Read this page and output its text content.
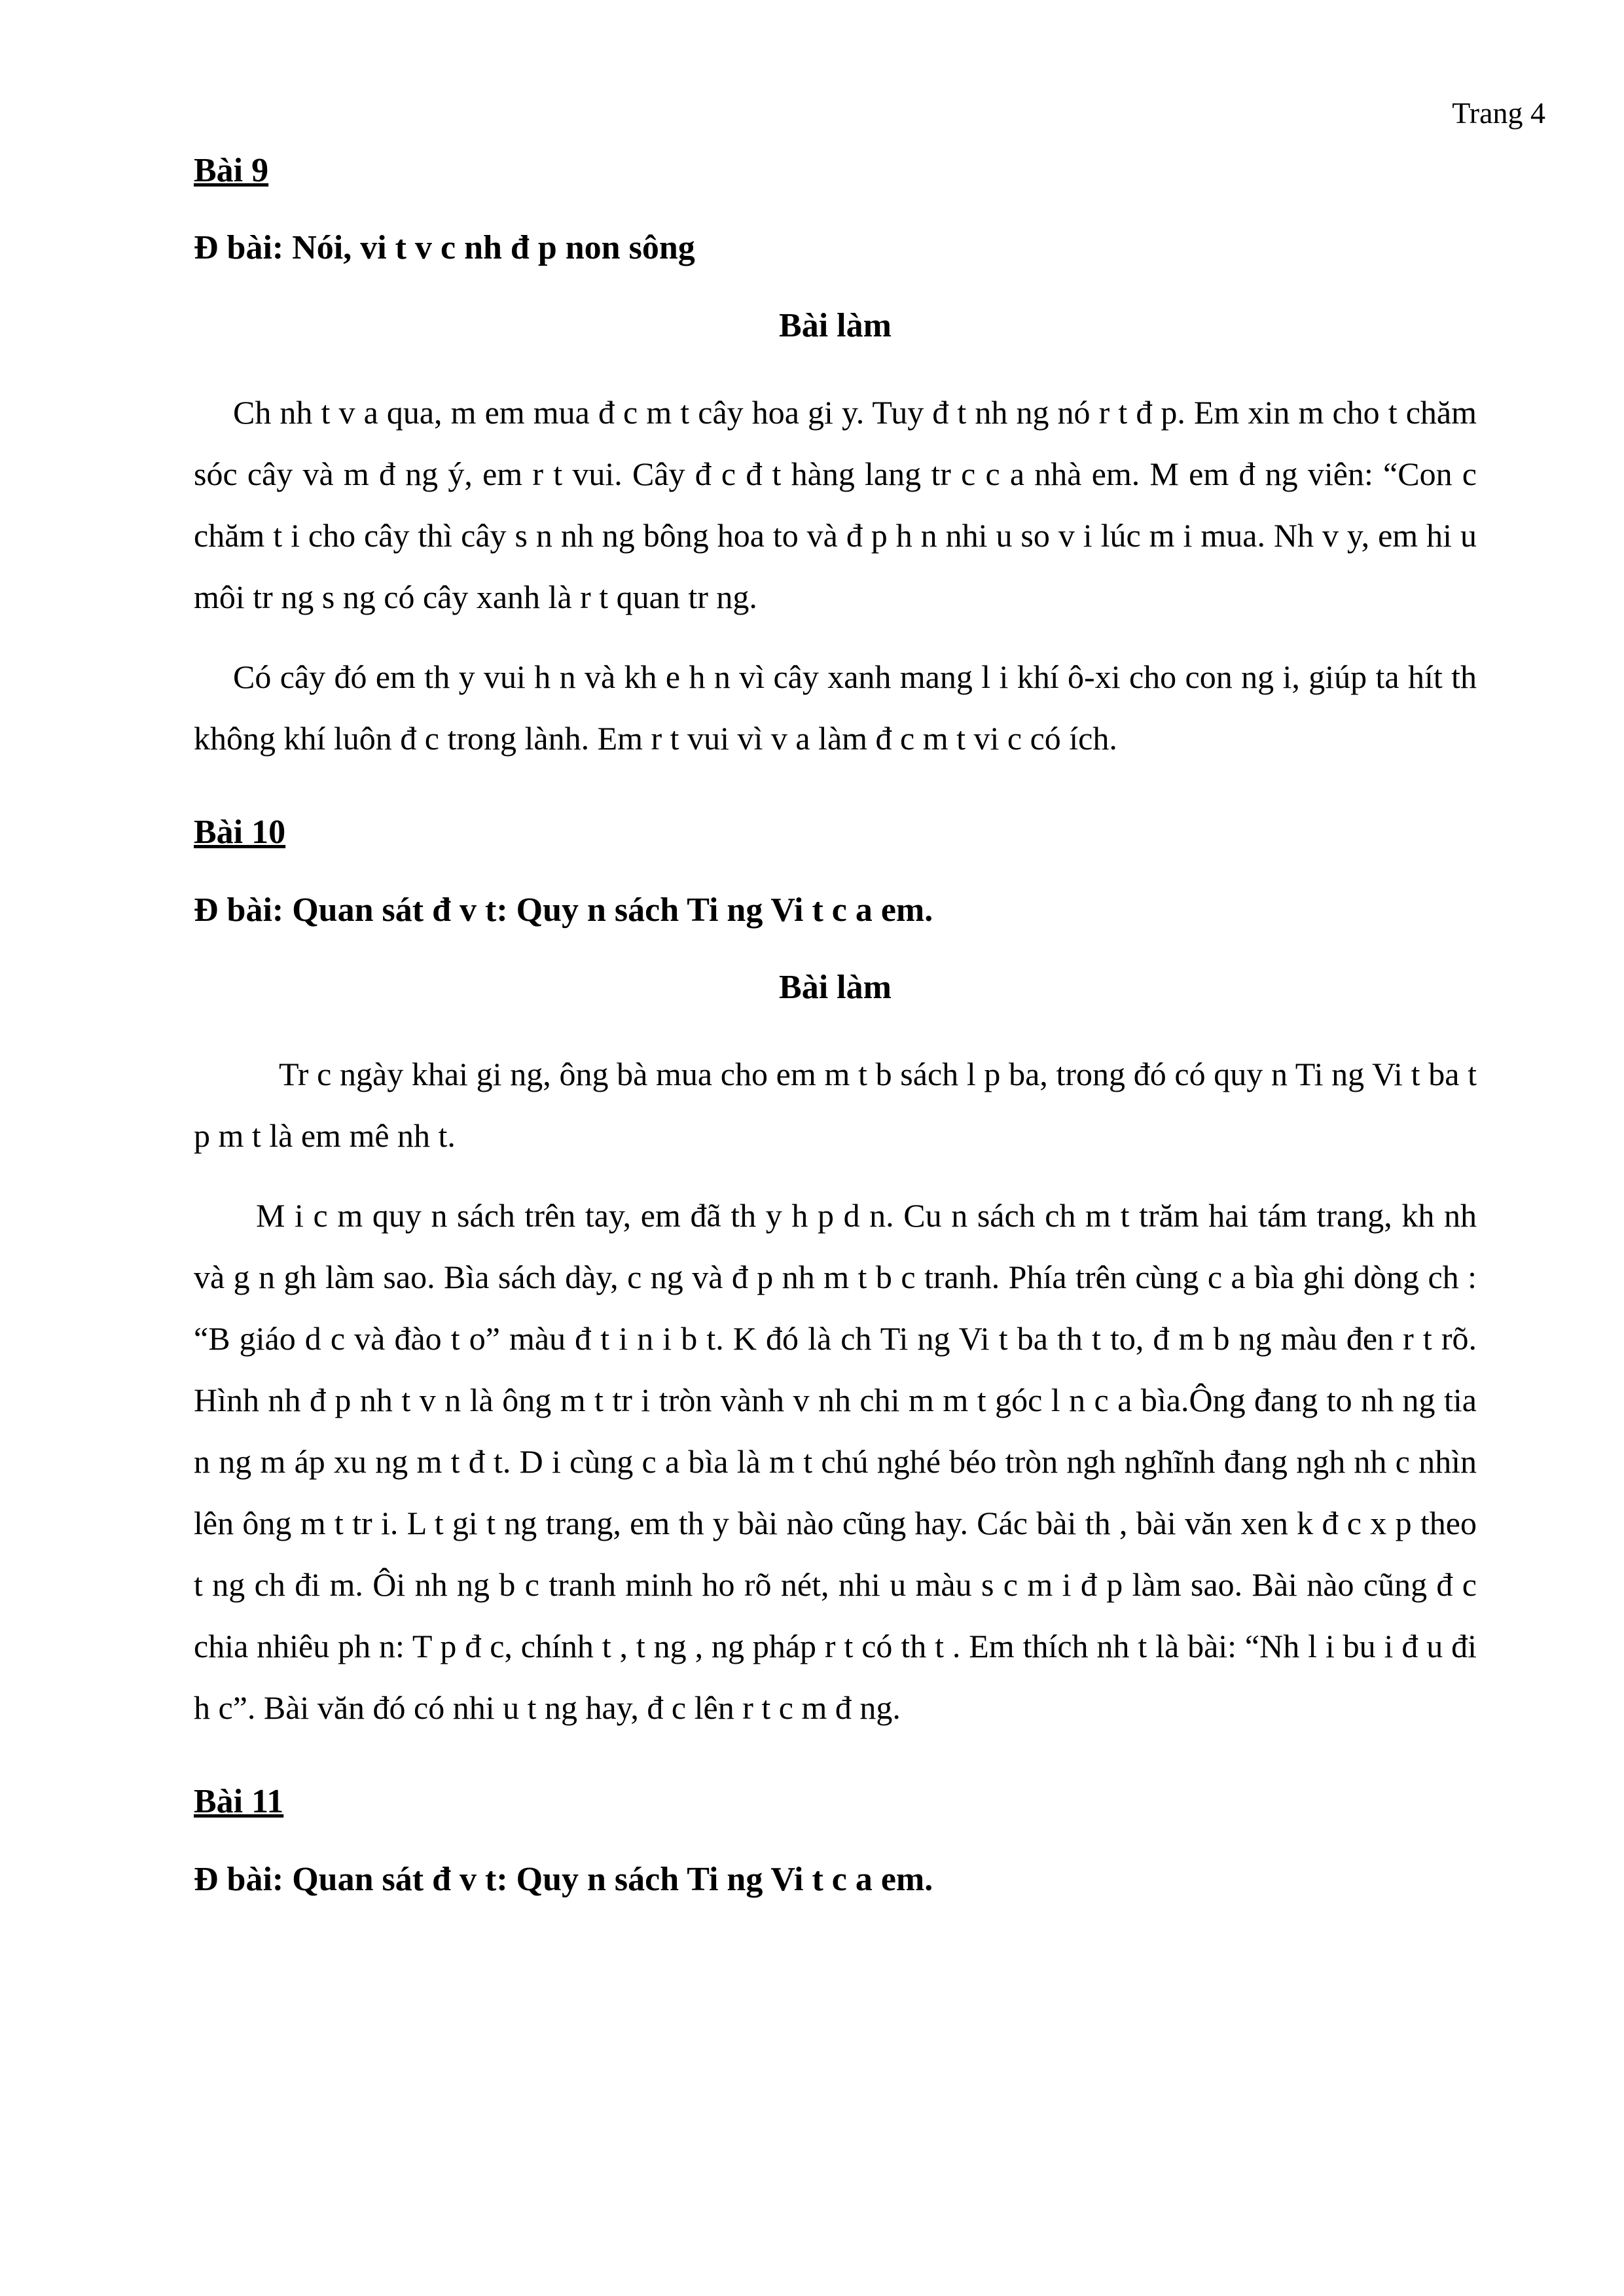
Trang 4
Bài 9
Đ bài: Nói, vi t v c nh đ p non sông
Bài làm

Ch nh t v a qua, m em mua đ c m t cây hoa gi y. Tuy đ t nh ng nó r t đ p. Em xin m cho t chăm sóc cây và m đ ng ý, em r t vui. Cây đ c đ t hàng lang tr c c a nhà em. M em đ ng viên: “Con c chăm t i cho cây thì cây s n nh ng bông hoa to và đ p h n nhi u so v i lúc m i mua. Nh v y, em hi u môi tr ng s ng có cây xanh là r t quan tr ng.

Có cây đó em th y vui h n và kh e h n vì cây xanh mang l i khí ô-xi cho con ng i, giúp ta hít th không khí luôn đ c trong lành. Em r t vui vì v a làm đ c m t vi c có ích.

Bài 10
Đ bài: Quan sát đ v t: Quy n sách Ti ng Vi t c a em.
Bài làm

Tr c ngày khai gi ng, ông bà mua cho em m t b sách l p ba, trong đó có quy n Ti ng Vi t ba t p m t là em mê nh t.

M i c m quy n sách trên tay, em đã th y h p d n. Cu n sách ch m t trăm hai tám trang, kh nh và g n gh làm sao. Bìa sách dày, c ng và đ p nh m t b c tranh. Phía trên cùng c a bìa ghi dòng ch : “B giáo d c và đào t o” màu đ t i n i b t. K đó là ch Ti ng Vi t ba th t to, đ m b ng màu đen r t rõ. Hình nh đ p nh t v n là ông m t tr i tròn vành v nh chi m m t góc l n c a bìa.Ông đang to nh ng tia n ng m áp xu ng m t đ t. D i cùng c a bìa là m t chú nghé béo tròn ngh nghĩnh đang ngh nh c nhìn lên ông m t tr i. L t gi t ng trang, em th y bài nào cũng hay. Các bài th , bài văn xen k đ c x p theo t ng ch đi m. Ôi nh ng b c tranh minh ho rõ nét, nhi u màu s c m i đ p làm sao. Bài nào cũng đ c chia nhiêu ph n: T p đ c, chính t , t ng , ng pháp r t có th t . Em thích nh t là bài: “Nh l i bu i đ u đi h c”. Bài văn đó có nhi u t ng hay, đ c lên r t c m đ ng.

Bài 11
Đ bài: Quan sát đ v t: Quy n sách Ti ng Vi t c a em.
